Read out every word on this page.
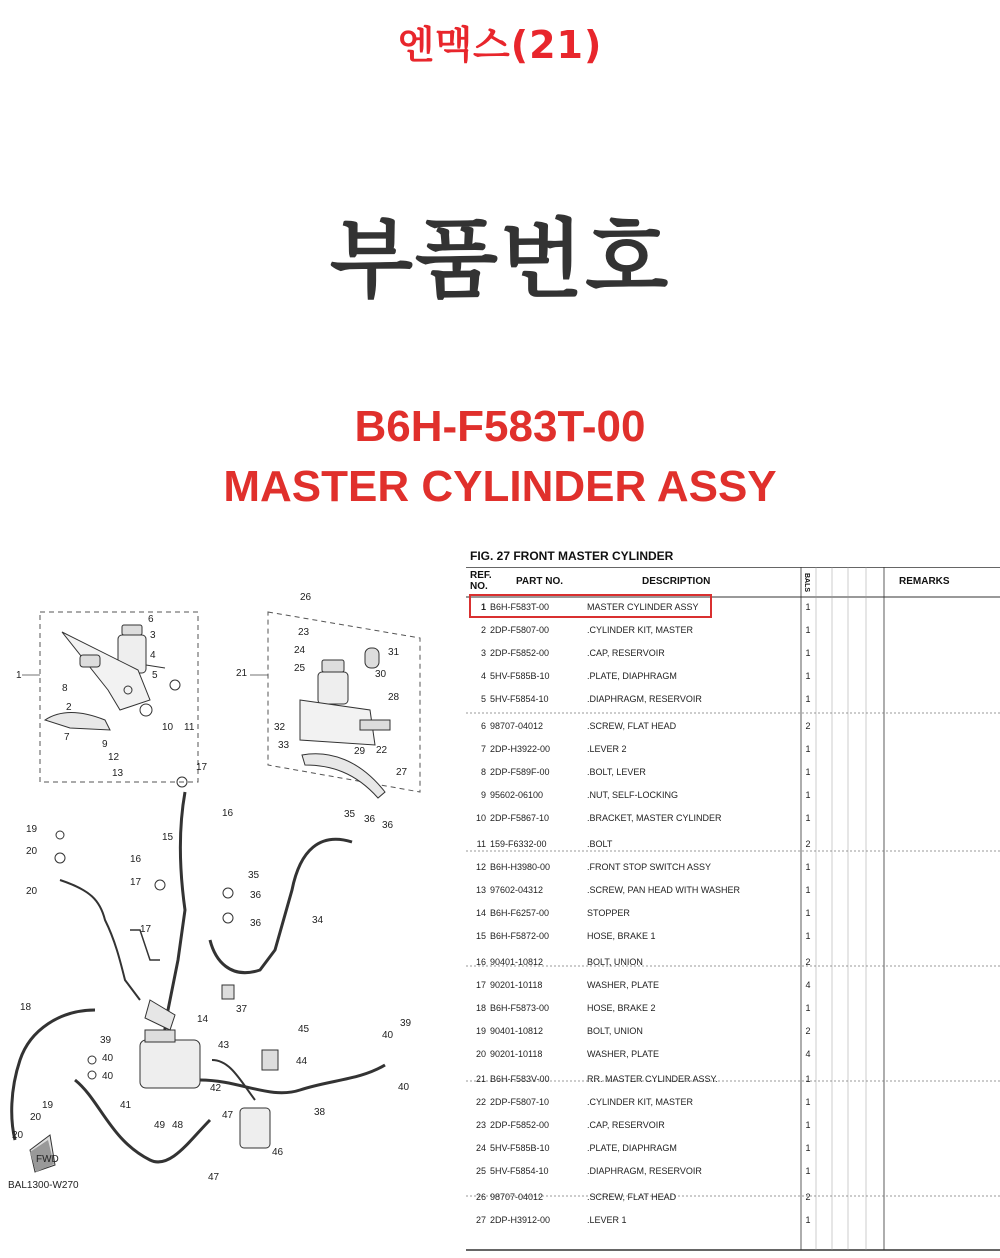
엔맥스(21)
부품번호
B6H-F583T-00
MASTER CYLINDER ASSY
1
2
3
4
5
6
7
8
9
10 11
12
13
14
15
16
16
17
17
17
18
19
19
20
20
20
20
21
22
23
24
25
26
27
28
29
30
31
32
33
34
35
35
36
36
36
36
37
38
39
39
40
40
40
40
41
42
43
44
45
46
47
47
48
49
FWD
BAL1300-W270
FIG. 27 FRONT MASTER CYLINDER
REF. NO.	PART NO.	DESCRIPTION	BALS	REMARKS
1 B6H-F583T-00	MASTER CYLINDER ASSY	1
2 2DP-F5807-00	.CYLINDER KIT, MASTER	1
3 2DP-F5852-00	.CAP, RESERVOIR	1
4 5HV-F585B-10	.PLATE, DIAPHRAGM	1
5 5HV-F5854-10	.DIAPHRAGM, RESERVOIR	1
6 98707-04012	.SCREW, FLAT HEAD	2
7 2DP-H3922-00	.LEVER 2	1
8 2DP-F589F-00	.BOLT, LEVER	1
9 95602-06100	.NUT, SELF-LOCKING	1
10 2DP-F5867-10	.BRACKET, MASTER CYLINDER	1
11 159-F6332-00	.BOLT	2
12 B6H-H3980-00	.FRONT STOP SWITCH ASSY	1
13 97602-04312	.SCREW, PAN HEAD WITH WASHER	1
14 B6H-F6257-00	STOPPER	1
15 B6H-F5872-00	HOSE, BRAKE 1	1
16 90401-10812	BOLT, UNION	2
17 90201-10118	WASHER, PLATE	4
18 B6H-F5873-00	HOSE, BRAKE 2	1
19 90401-10812	BOLT, UNION	2
20 90201-10118	WASHER, PLATE	4
21 B6H-F583V-00	RR. MASTER CYLINDER ASSY.	1
22 2DP-F5807-10	.CYLINDER KIT, MASTER	1
23 2DP-F5852-00	.CAP, RESERVOIR	1
24 5HV-F585B-10	.PLATE, DIAPHRAGM	1
25 5HV-F5854-10	.DIAPHRAGM, RESERVOIR	1
26 98707-04012	.SCREW, FLAT HEAD	2
27 2DP-H3912-00	.LEVER 1	1
